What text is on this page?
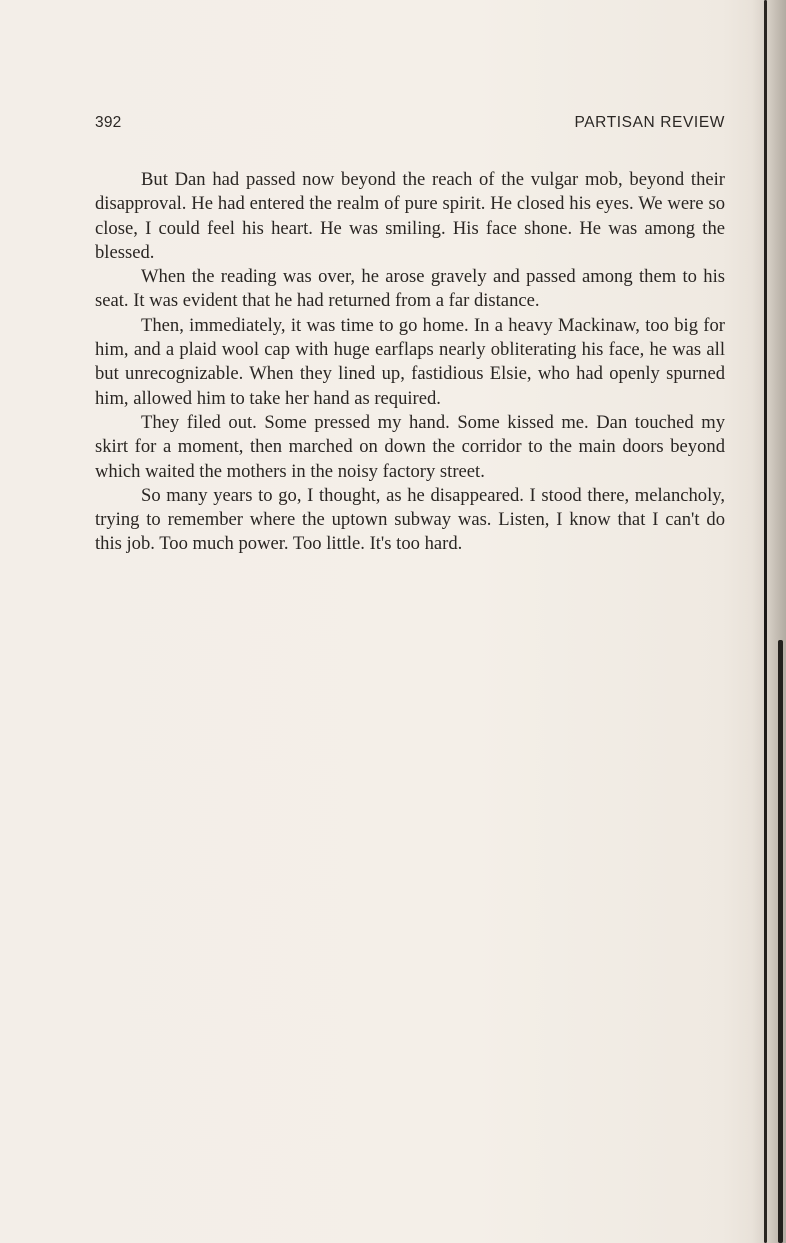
392	PARTISAN REVIEW

But Dan had passed now beyond the reach of the vulgar mob, beyond their disapproval. He had entered the realm of pure spirit. He closed his eyes. We were so close, I could feel his heart. He was smiling. His face shone. He was among the blessed.

When the reading was over, he arose gravely and passed among them to his seat. It was evident that he had returned from a far distance.

Then, immediately, it was time to go home. In a heavy Mackinaw, too big for him, and a plaid wool cap with huge earflaps nearly obliterating his face, he was all but unrecognizable. When they lined up, fastidious Elsie, who had openly spurned him, allowed him to take her hand as required.

They filed out. Some pressed my hand. Some kissed me. Dan touched my skirt for a moment, then marched on down the corridor to the main doors beyond which waited the mothers in the noisy factory street.

So many years to go, I thought, as he disappeared. I stood there, melancholy, trying to remember where the uptown subway was. Listen, I know that I can't do this job. Too much power. Too little. It's too hard.
